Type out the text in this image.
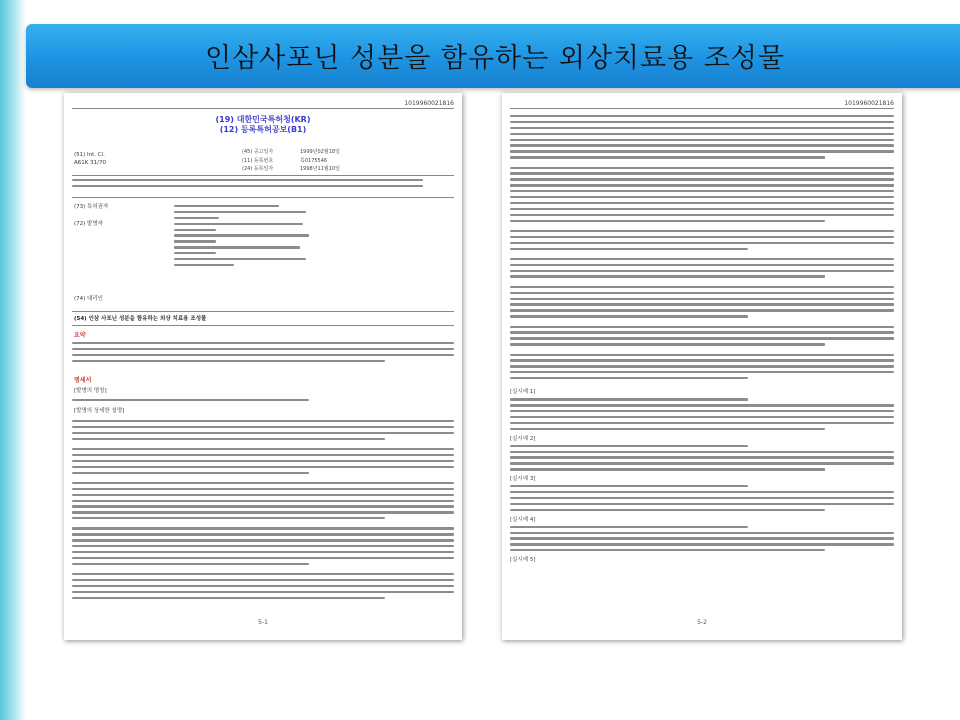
인삼사포닌 성분을 함유하는 외상치료용 조성물
1019960021816
(19) 대한민국특허청(KR)
(12) 등록특허공보(B1)
(51) Int. Cl.
A61K 31/70
(45) 공고일자	1999년02월18일
(11) 등록번호	특0175546
(24) 등록일자	1998년11월10일
(73) 특허권자
(72) 발명자
(74) 대리인
(54) 인삼 사포닌 성분을 함유하는 외상 치료용 조성물
요약
명세서
[발명의 명칭]
[발명의 상세한 설명]
5-1
1019960021816
[실시예 1]
[실시예 2]
[실시예 3]
[실시예 4]
[실시예 5]
5-2
